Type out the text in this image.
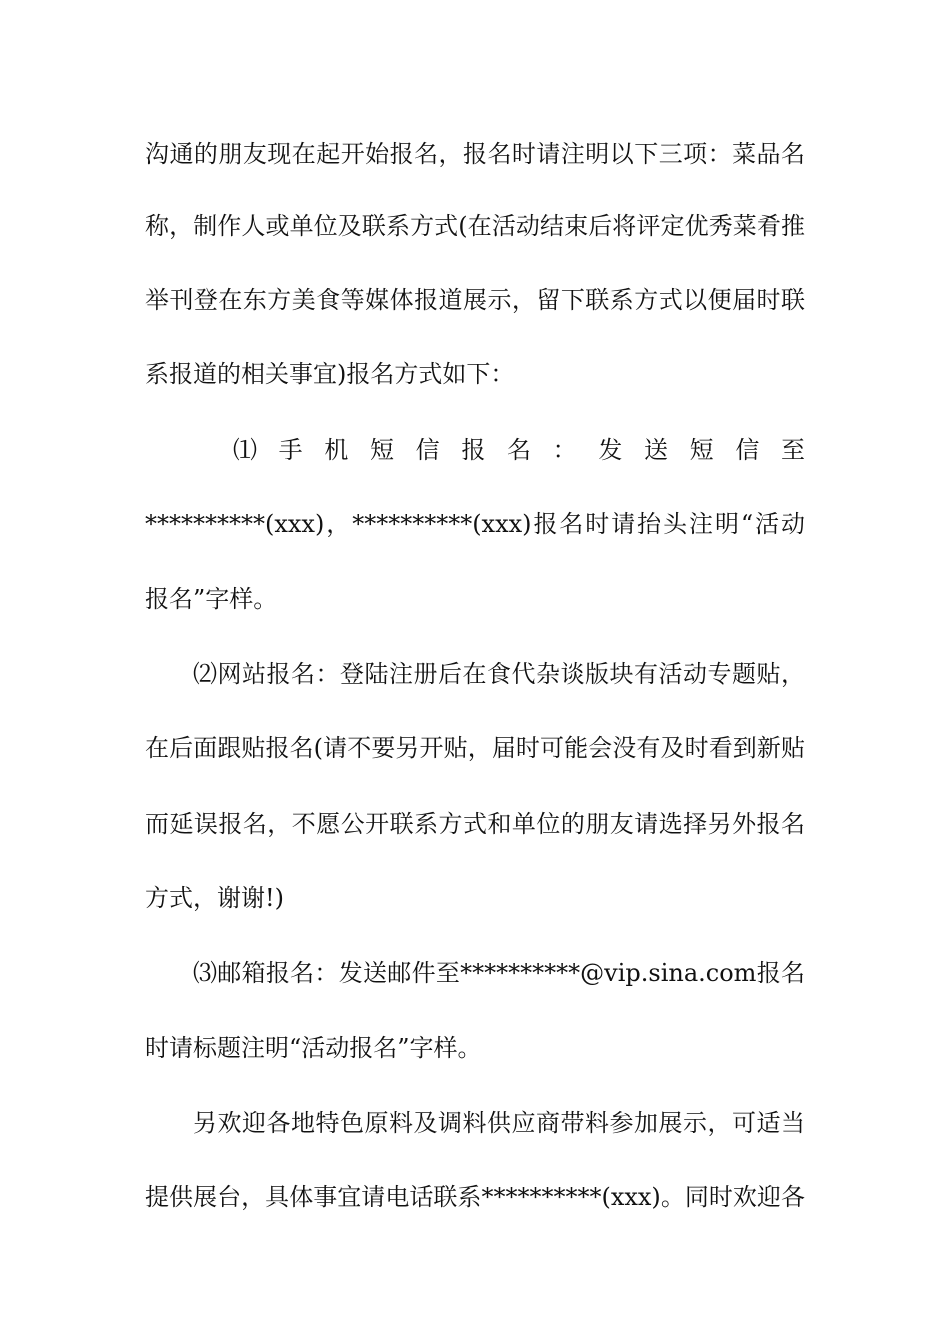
沟通的朋友现在起开始报名，报名时请注明以下三项：菜品名
称，制作人或单位及联系方式(在活动结束后将评定优秀菜肴推
举刊登在东方美食等媒体报道展示，留下联系方式以便届时联
系报道的相关事宜)报名方式如下：
⑴ 手 机 短 信 报 名 ： 发 送 短 信 至
**********(xxx)，**********(xxx)报名时请抬头注明“活动
报名”字样。
⑵网站报名：登陆注册后在食代杂谈版块有活动专题贴，
在后面跟贴报名(请不要另开贴，届时可能会没有及时看到新贴
而延误报名，不愿公开联系方式和单位的朋友请选择另外报名
方式，谢谢!)
⑶邮箱报名：发送邮件至**********@vip.sina.com报名
时请标题注明“活动报名”字样。
另欢迎各地特色原料及调料供应商带料参加展示，可适当
提供展台，具体事宜请电话联系**********(xxx)。同时欢迎各
